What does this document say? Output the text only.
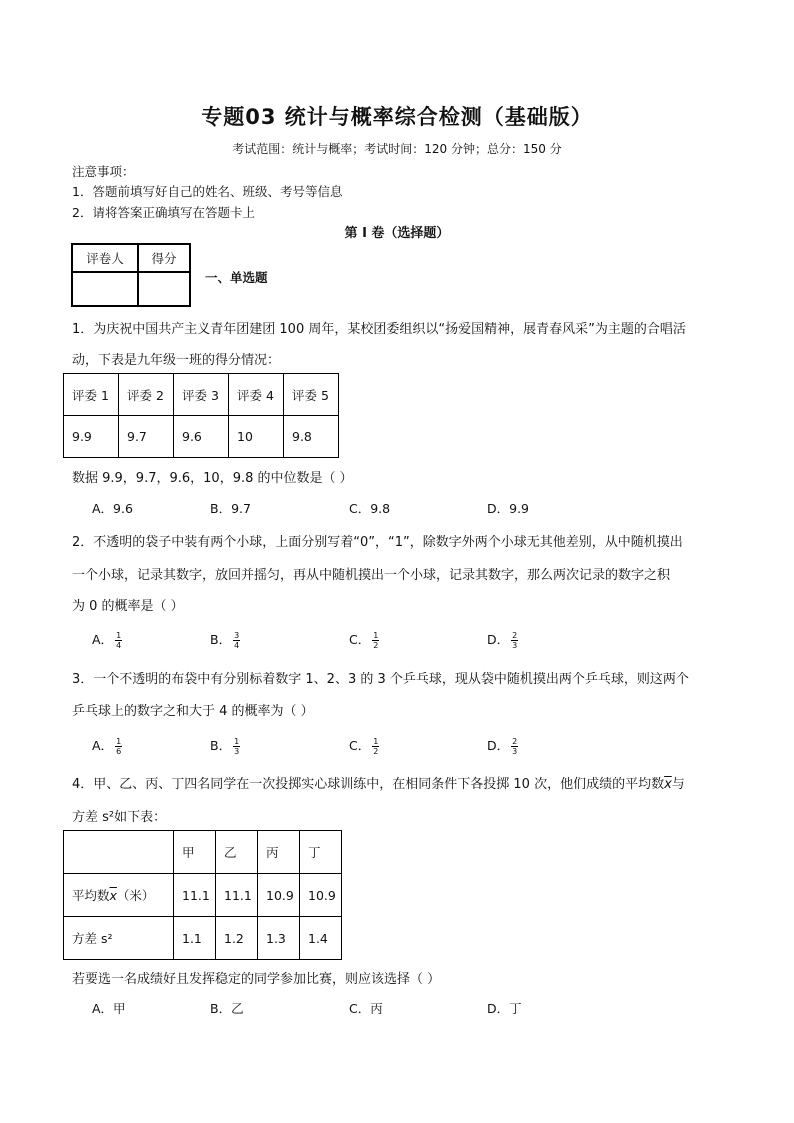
专题03 统计与概率综合检测（基础版）
考试范围：统计与概率；考试时间：120 分钟；总分：150 分
注意事项：
1．答题前填写好自己的姓名、班级、考号等信息
2．请将答案正确填写在答题卡上
第 I 卷（选择题）
评卷人	得分

一、单选题
1．为庆祝中国共产主义青年团建团 100 周年，某校团委组织以“扬爱国精神，展青春风采”为主题的合唱活
动，下表是九年级一班的得分情况：
评委 1	评委 2	评委 3	评委 4	评委 5
9.9	9.7	9.6	10	9.8
数据 9.9，9.7，9.6，10，9.8 的中位数是（ ）
A．9.6	B．9.7	C．9.8	D．9.9
2．不透明的袋子中装有两个小球，上面分别写着“0”，“1”，除数字外两个小球无其他差别，从中随机摸出
一个小球，记录其数字，放回并摇匀，再从中随机摸出一个小球，记录其数字，那么两次记录的数字之积
为 0 的概率是（ ）
A． $\frac{1}{4}$	B． $\frac{3}{4}$	C． $\frac{1}{2}$	D． $\frac{2}{3}$
3．一个不透明的布袋中有分别标着数字 1、2、3 的 3 个乒乓球，现从袋中随机摸出两个乒乓球，则这两个
乒乓球上的数字之和大于 4 的概率为（ ）
A． $\frac{1}{6}$	B． $\frac{1}{3}$	C． $\frac{1}{2}$	D． $\frac{2}{3}$
4．甲、乙、丙、丁四名同学在一次投掷实心球训练中，在相同条件下各投掷 10 次，他们成绩的平均数$\overline{x}$与
方差 s²如下表：
	甲	乙	丙	丁
平均数$\overline{x}$（米）	11.1	11.1	10.9	10.9
方差 s²	1.1	1.2	1.3	1.4
若要选一名成绩好且发挥稳定的同学参加比赛，则应该选择（ ）
A．甲	B．乙	C．丙	D．丁
